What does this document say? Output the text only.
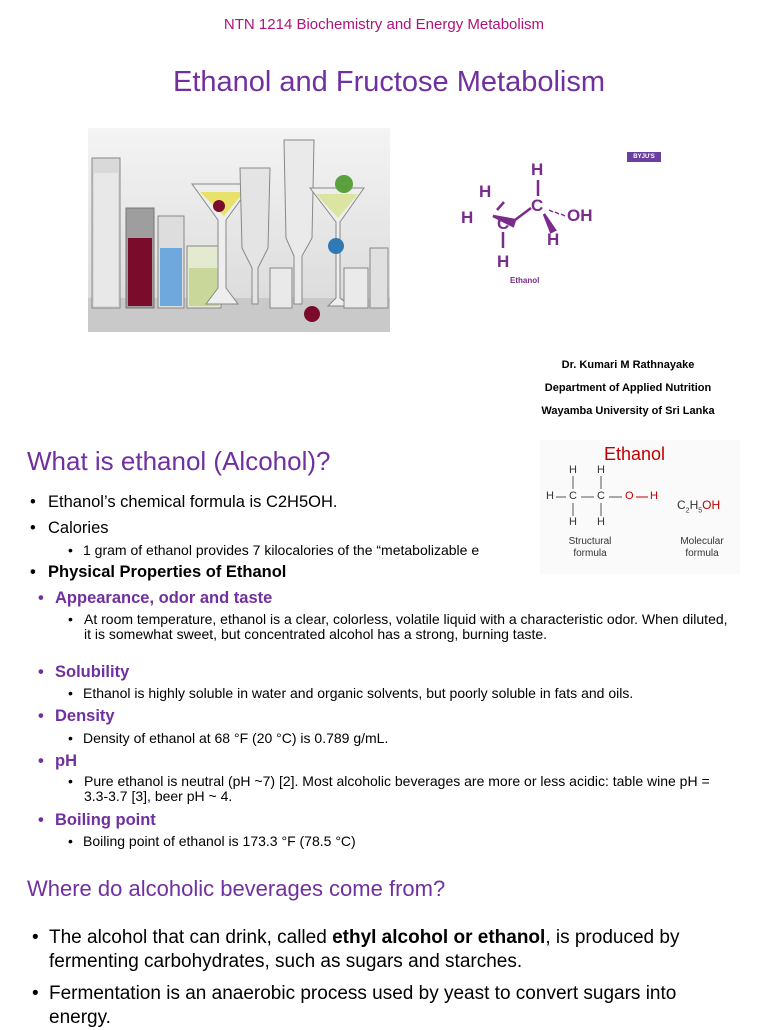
NTN 1214 Biochemistry and Energy Metabolism
Ethanol and Fructose Metabolism
BYJU'S
H
H
C
OH
H C
H
H
Ethanol
Dr. Kumari M Rathnayake
Department of Applied Nutrition
Wayamba University of Sri Lanka
Ethanol
H H
H C C O H
H H
$C_2H_5OH$
Structural
formula
Molecular
formula
What is ethanol (Alcohol)?
• Ethanol’s chemical formula is C2H5OH.
• Calories
• 1 gram of ethanol provides 7 kilocalories of the “metabolizable e
• Physical Properties of Ethanol
• Appearance, odor and taste
• At room temperature, ethanol is a clear, colorless, volatile liquid with a characteristic odor. When diluted, it is somewhat sweet, but concentrated alcohol has a strong, burning taste.
• Solubility
• Ethanol is highly soluble in water and organic solvents, but poorly soluble in fats and oils.
• Density
• Density of ethanol at 68 °F (20 °C) is 0.789 g/mL.
• pH
• Pure ethanol is neutral (pH ~7) [2]. Most alcoholic beverages are more or less acidic: table wine pH = 3.3-3.7 [3], beer pH ~ 4.
• Boiling point
• Boiling point of ethanol is 173.3 °F (78.5 °C)
Where do alcoholic beverages come from?
• The alcohol that can drink, called ethyl alcohol or ethanol, is produced by fermenting carbohydrates, such as sugars and starches.
• Fermentation is an anaerobic process used by yeast to convert sugars into energy.
